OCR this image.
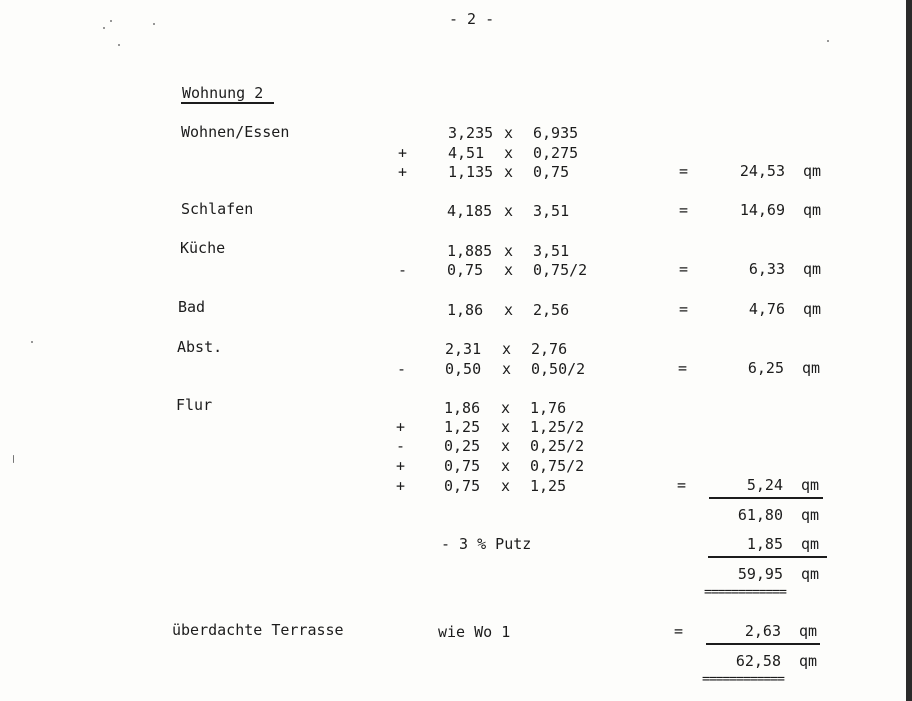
- 2 -
Wohnung 2
Wohnen/Essen	3,235 x 6,935
+	4,51 x 0,275
+	1,135 x 0,75	=	24,53 qm
Schlafen	4,185 x 3,51	=	14,69 qm
Küche	1,885 x 3,51
-	0,75 x 0,75/2	=	6,33 qm
Bad	1,86 x 2,56	=	4,76 qm
Abst.	2,31 x 2,76
-	0,50 x 0,50/2	=	6,25 qm
Flur	1,86 x 1,76
+	1,25 x 1,25/2
-	0,25 x 0,25/2
+	0,75 x 0,75/2
+	0,75 x 1,25	=	5,24 qm
61,80 qm
- 3 % Putz	1,85 qm
59,95 qm
============
überdachte Terrasse	wie Wo 1	=	2,63 qm
62,58 qm
============
